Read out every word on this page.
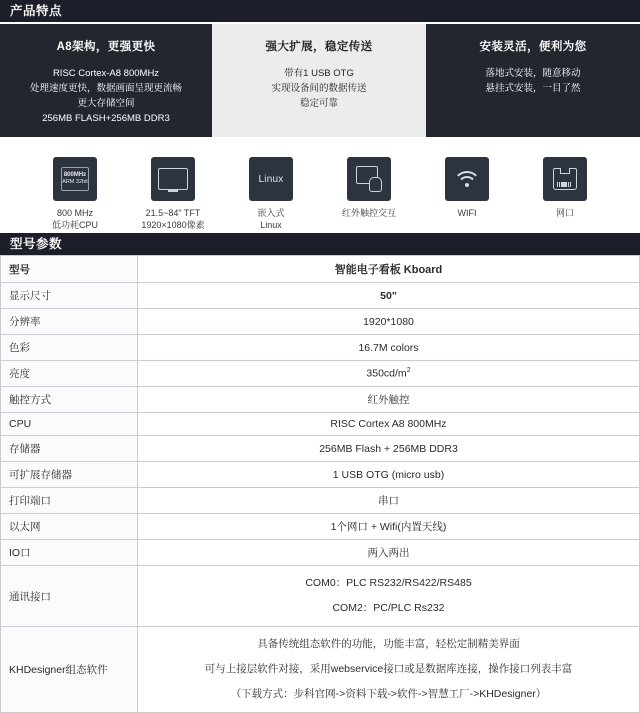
产品特点
A8架构，更强更快
RISC Cortex-A8 800MHz
处理速度更快，数据画面呈现更流畅
更大存储空间
256MB FLASH+256MB DDR3
强大扩展，稳定传送
带有1 USB OTG
实现设备间的数据传送
稳定可靠
安装灵活，便利为您
落地式安装，随意移动
悬挂式安装，一目了然
800MHz
ARM 32bit
800 MHz
低功耗CPU
21.5~84" TFT
1920×1080像素
Linux
嵌入式
Linux
红外触控交互	WIFI	网口
型号参数
型号	智能电子看板 Kboard
显示尺寸	50"
分辨率	1920*1080
色彩	16.7M colors
亮度	$350cd/m^2$
触控方式	红外触控
CPU	RISC Cortex A8 800MHz
存储器	256MB Flash + 256MB DDR3
可扩展存储器	1 USB OTG (micro usb)
打印端口	串口
以太网	1个网口 + Wifi(内置天线)
IO口	两入两出
通讯接口	COM0：PLC RS232/RS422/RS485
COM2：PC/PLC Rs232

KHDesigner组态软件	具备传统组态软件的功能，功能丰富，轻松定制精美界面
可与上接层软件对接，采用webservice接口或是数据库连接，操作接口列表丰富
（下载方式：步科官网->资料下载->软件->智慧工厂->KHDesigner）
